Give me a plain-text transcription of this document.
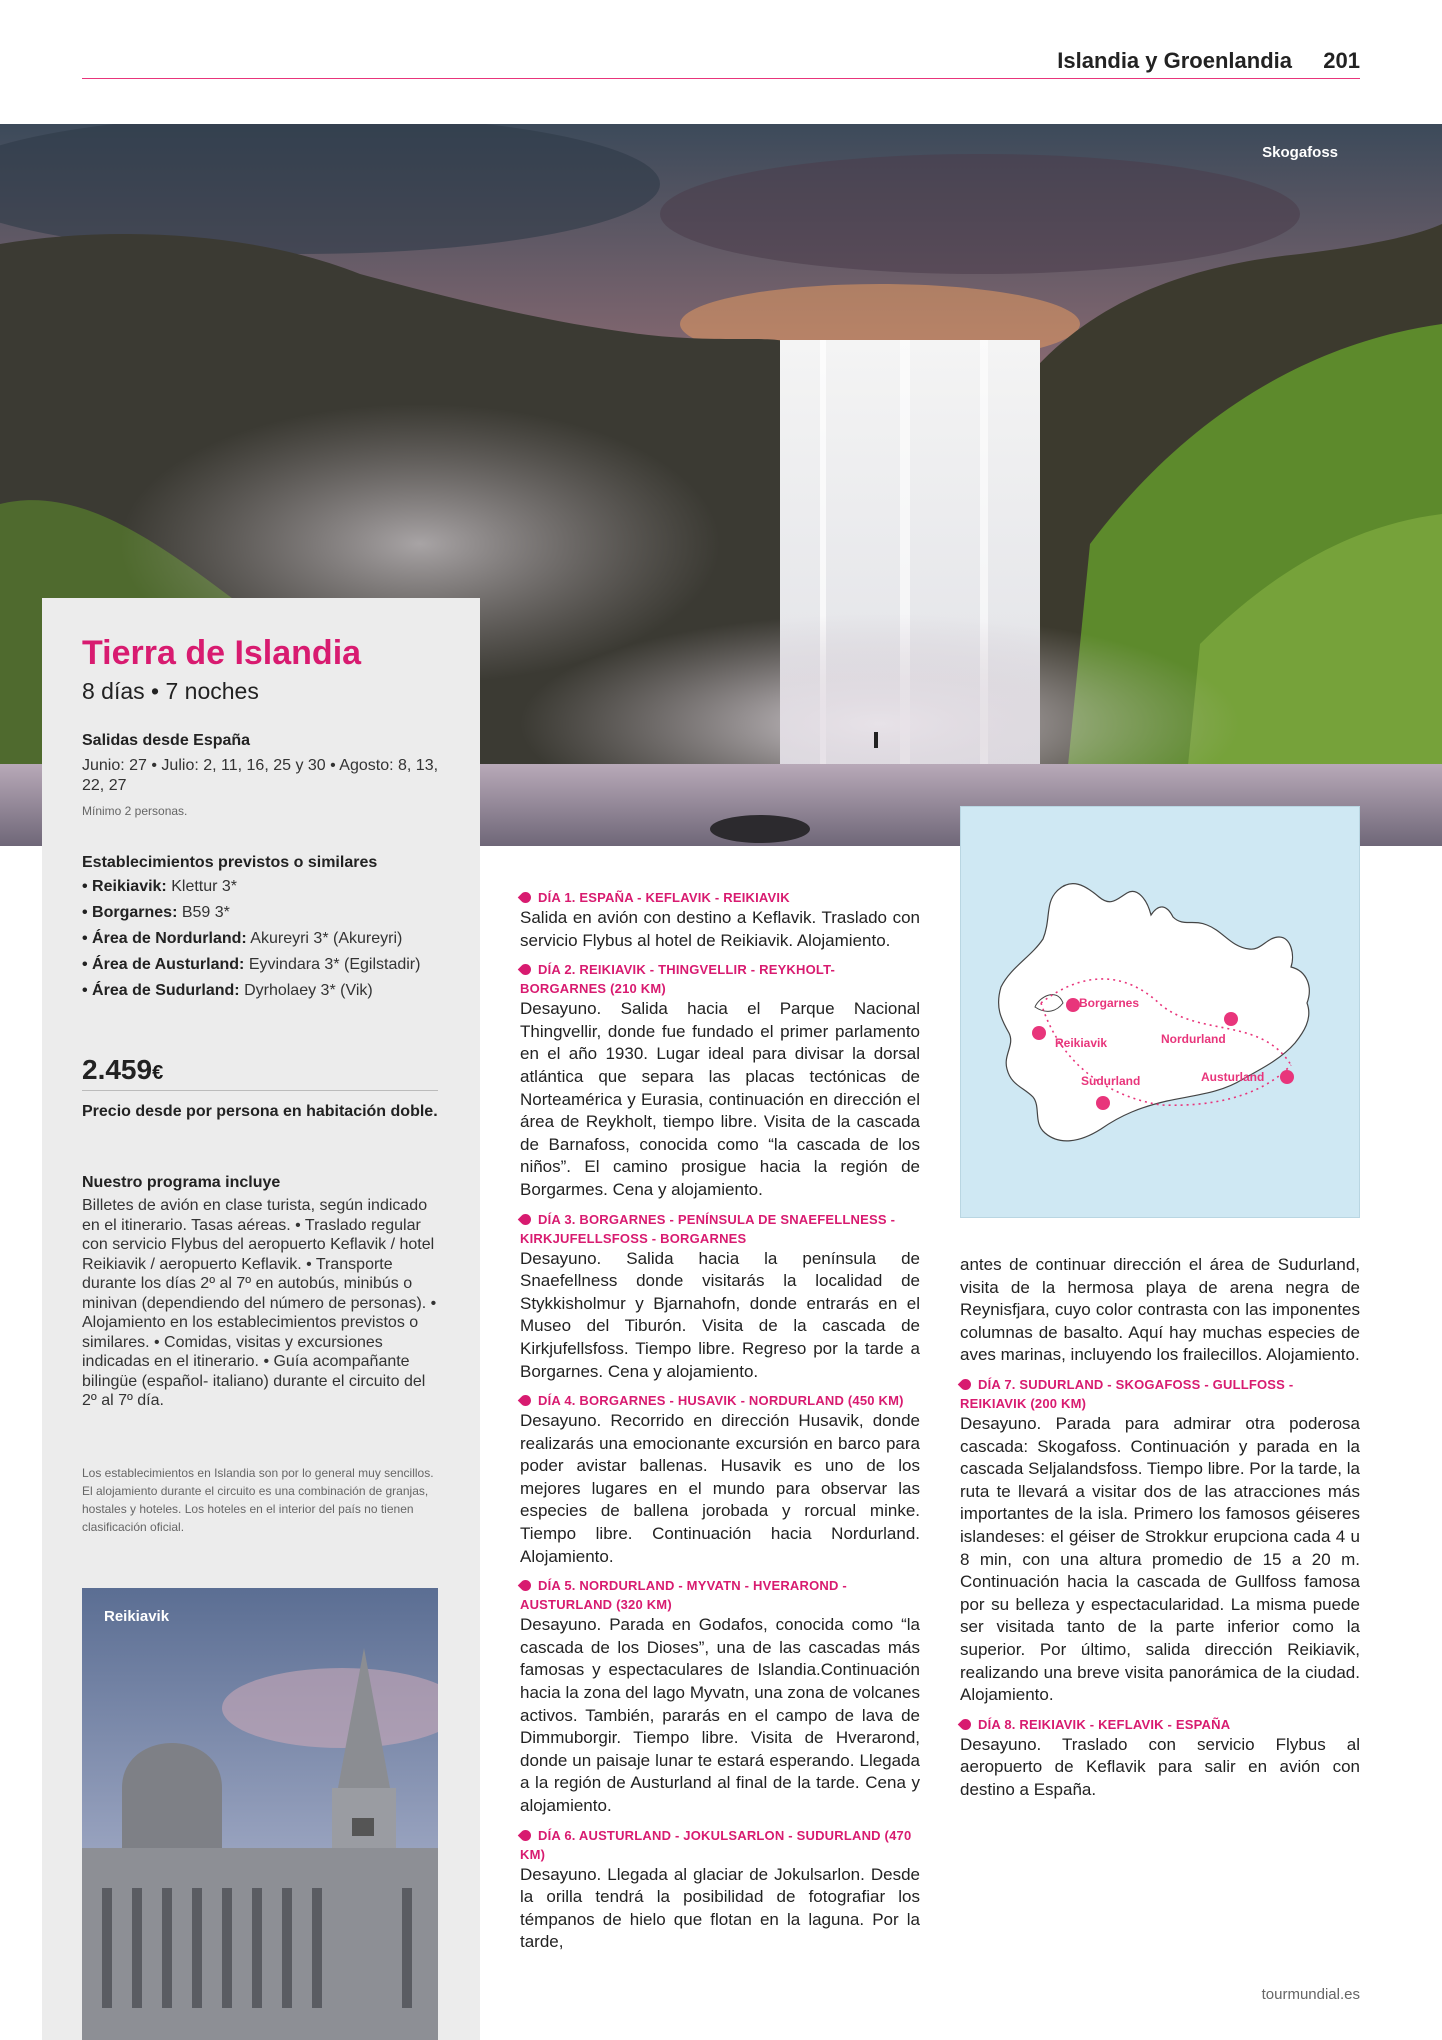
Islandia y Groenlandia 201
Skogafoss
Tierra de Islandia
8 días • 7 noches
Salidas desde España
Junio: 27 • Julio: 2, 11, 16, 25 y 30 • Agosto: 8, 13, 22, 27
Mínimo 2 personas.
Establecimientos previstos o similares
• Reikiavik: Klettur 3*
• Borgarnes: B59 3*
• Área de Nordurland: Akureyri 3* (Akureyri)
• Área de Austurland: Eyvindara 3* (Egilstadir)
• Área de Sudurland: Dyrholaey 3* (Vik)
2.459€
Precio desde por persona en habitación doble.
Nuestro programa incluye
Billetes de avión en clase turista, según indicado en el itinerario. Tasas aéreas. • Traslado regular con servicio Flybus del aeropuerto Keflavik / hotel Reikiavik / aeropuerto Keflavik. • Transporte durante los días 2º al 7º en autobús, minibús o minivan (dependiendo del número de personas). • Alojamiento en los establecimientos previstos o similares. • Comidas, visitas y excursiones indicadas en el itinerario. • Guía acompañante bilingüe (español- italiano) durante el circuito del 2º al 7º día.
Los establecimientos en Islandia son por lo general muy sencillos. El alojamiento durante el circuito es una combinación de granjas, hostales y hoteles. Los hoteles en el interior del país no tienen clasificación oficial.
Reikiavik
DÍA 1. ESPAÑA - KEFLAVIK - REIKIAVIK

Salida en avión con destino a Keflavik. Traslado con servicio Flybus al hotel de Reikiavik. Alojamiento.

DÍA 2. REIKIAVIK - THINGVELLIR - REYKHOLT-BORGARNES (210 KM)

Desayuno. Salida hacia el Parque Nacional Thingvellir, donde fue fundado el primer parlamento en el año 1930. Lugar ideal para divisar la dorsal atlántica que separa las placas tectónicas de Norteamérica y Eurasia, continuación en dirección el área de Reykholt, tiempo libre. Visita de la cascada de Barnafoss, conocida como “la cascada de los niños”. El camino prosigue hacia la región de Borgarmes. Cena y alojamiento.

DÍA 3. BORGARNES - PENÍNSULA DE SNAEFELLNESS - KIRKJUFELLSFOSS - BORGARNES

Desayuno. Salida hacia la península de Snaefellness donde visitarás la localidad de Stykkisholmur y Bjarnahofn, donde entrarás en el Museo del Tiburón. Visita de la cascada de Kirkjufellsfoss. Tiempo libre. Regreso por la tarde a Borgarnes. Cena y alojamiento.

DÍA 4. BORGARNES - HUSAVIK - NORDURLAND (450 KM)

Desayuno. Recorrido en dirección Husavik, donde realizarás una emocionante excursión en barco para poder avistar ballenas. Husavik es uno de los mejores lugares en el mundo para observar las especies de ballena jorobada y rorcual minke. Tiempo libre. Continuación hacia Nordurland. Alojamiento.

DÍA 5. NORDURLAND - MYVATN - HVERAROND - AUSTURLAND (320 KM)

Desayuno. Parada en Godafos, conocida como “la cascada de los Dioses”, una de las cascadas más famosas y espectaculares de Islandia.Continuación hacia la zona del lago Myvatn, una zona de volcanes activos. También, pararás en el campo de lava de Dimmuborgir. Tiempo libre. Visita de Hverarond, donde un paisaje lunar te estará esperando. Llegada a la región de Austurland al final de la tarde. Cena y alojamiento.

DÍA 6. AUSTURLAND - JOKULSARLON - SUDURLAND (470 KM)

Desayuno. Llegada al glaciar de Jokulsarlon. Desde la orilla tendrá la posibilidad de fotografiar los témpanos de hielo que flotan en la laguna. Por la tarde,

Borgarnes
Reikiavik	Nordurland
Austurland
Sudurland

antes de continuar dirección el área de Sudurland, visita de la hermosa playa de arena negra de Reynisfjara, cuyo color contrasta con las imponentes columnas de basalto. Aquí hay muchas especies de aves marinas, incluyendo los frailecillos. Alojamiento.

DÍA 7. SUDURLAND - SKOGAFOSS - GULLFOSS - REIKIAVIK (200 KM)

Desayuno. Parada para admirar otra poderosa cascada: Skogafoss. Continuación y parada en la cascada Seljalandsfoss. Tiempo libre. Por la tarde, la ruta te llevará a visitar dos de las atracciones más importantes de la isla. Primero los famosos géiseres islandeses: el géiser de Strokkur erupciona cada 4 u 8 min, con una altura promedio de 15 a 20 m. Continuación hacia la cascada de Gullfoss famosa por su belleza y espectacularidad. La misma puede ser visitada tanto de la parte inferior como la superior. Por último, salida dirección Reikiavik, realizando una breve visita panorámica de la ciudad. Alojamiento.

DÍA 8. REIKIAVIK - KEFLAVIK - ESPAÑA

Desayuno. Traslado con servicio Flybus al aeropuerto de Keflavik para salir en avión con destino a España.

tourmundial.es
